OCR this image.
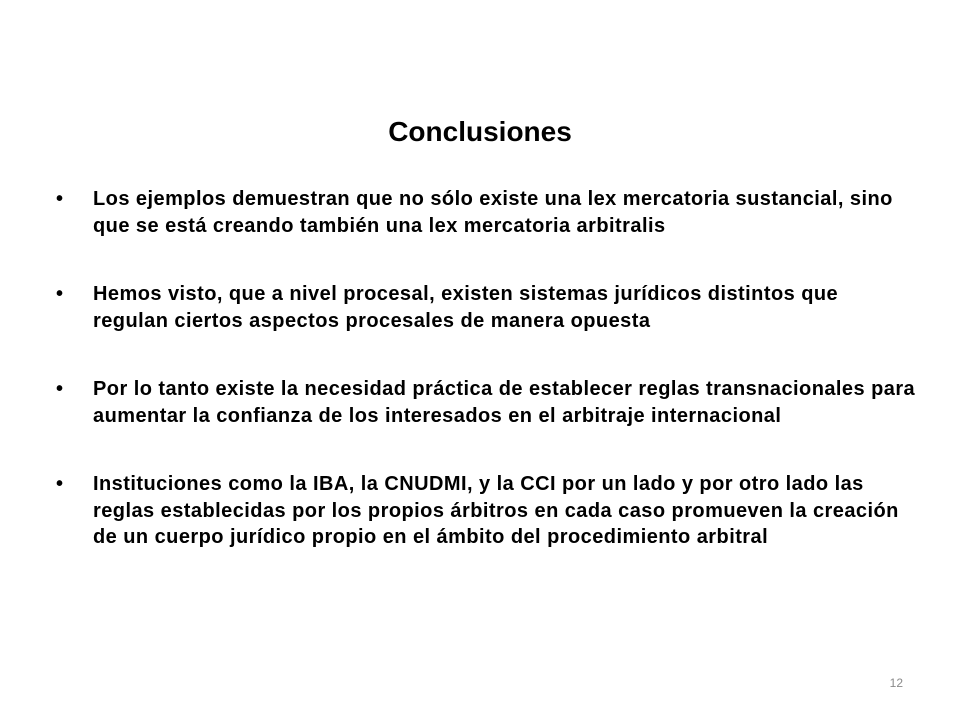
Conclusiones
• Los ejemplos demuestran que no sólo existe una lex mercatoria sustancial, sino que se está creando también una lex mercatoria arbitralis
• Hemos visto, que a nivel procesal, existen sistemas jurídicos distintos que regulan ciertos aspectos procesales de manera opuesta
• Por lo tanto existe la necesidad práctica de establecer reglas transnacionales para aumentar la confianza de los interesados en el arbitraje internacional
• Instituciones como la IBA, la CNUDMI, y la CCI por un lado y por otro lado las reglas establecidas por los propios árbitros en cada caso promueven la creación de un cuerpo jurídico propio en el ámbito del procedimiento arbitral
12
